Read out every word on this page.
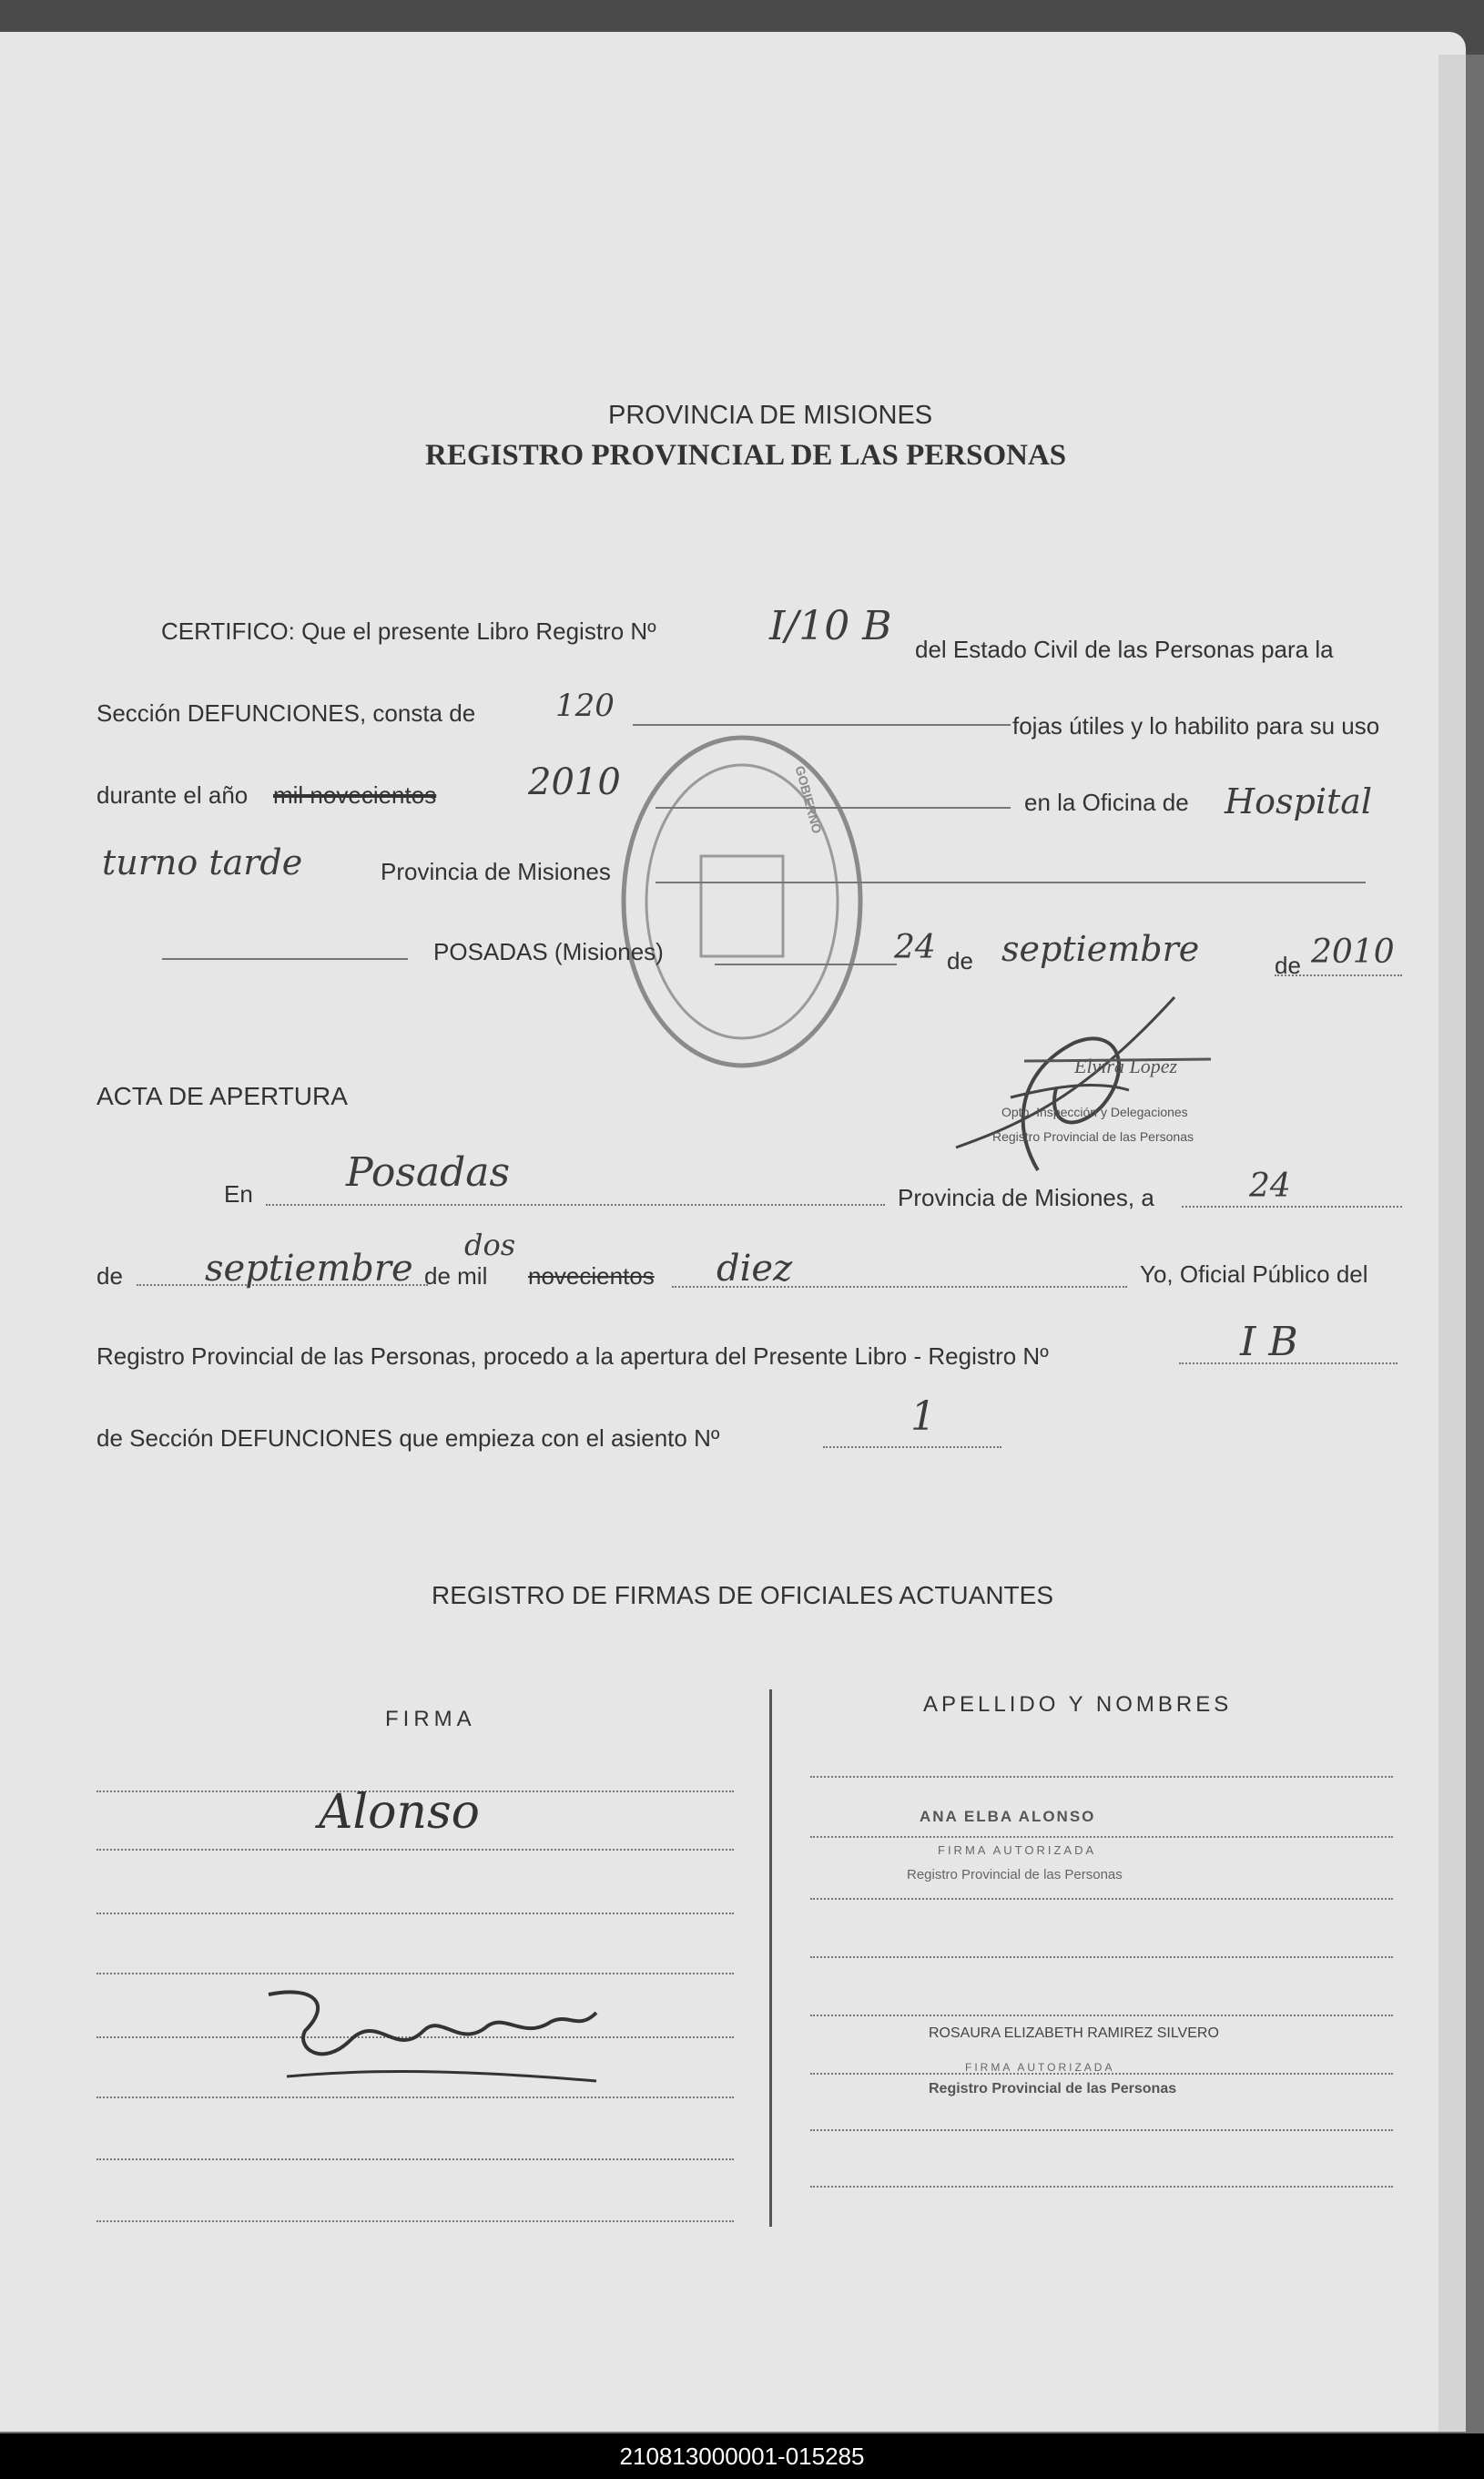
PROVINCIA DE MISIONES
REGISTRO PROVINCIAL DE LAS PERSONAS
GOBIERNO
CERTIFICO: Que el presente Libro Registro Nº	I/10 B del Estado Civil de las Personas para la
Sección DEFUNCIONES, consta de	120
fojas útiles y lo habilito para su uso
durante el año mil novecientos	2010	en la Oficina de Hospital
turno tarde	Provincia de Misiones
POSADAS (Misiones)	24 de septiembre	de 2010
Elvira López
Opto. Inspección y Delegaciones
Registro Provincial de las Personas
ACTA DE APERTURA
En Posadas
Provincia de Misiones, a	24
de septiembre
dos
de mil novecientos diez	Yo, Oficial Público del
Registro Provincial de las Personas, procedo a la apertura del Presente Libro - Registro Nº	I B
de Sección DEFUNCIONES que empieza con el asiento Nº	1
REGISTRO DE FIRMAS DE OFICIALES ACTUANTES
FIRMA
APELLIDO Y NOMBRES
Alonso	ANA ELBA ALONSO
FIRMA AUTORIZADA
Registro Provincial de las Personas
ROSAURA ELIZABETH RAMIREZ SILVERO
FIRMA AUTORIZADA
Registro Provincial de las Personas
210813000001-015285
